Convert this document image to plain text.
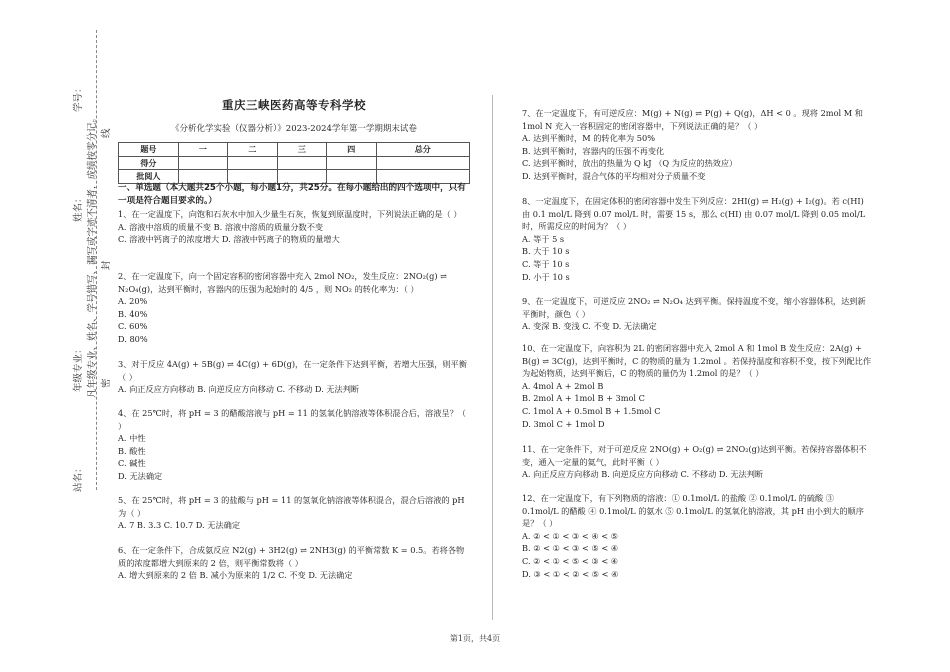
学号：
姓名：
年级专业：
站名：
凡年级专业、姓名、学号错写、漏写或字迹不清者，成绩按零分记。 线
封
密
重庆三峡医药高等专科学校
《分析化学实验（仪器分析）》2023-2024学年第一学期期末试卷
题号	一	二	三	四	总分
得分					
批阅人					
一、单选题（本大题共25个小题，每小题1分，共25分。在每小题给出的四个选项中，只有一项是符合题目要求的。）

1、在一定温度下，向饱和石灰水中加入少量生石灰，恢复到原温度时，下列说法正确的是（ ）

A. 溶液中溶质的质量不变 B. 溶液中溶质的质量分数不变

C. 溶液中钙离子的浓度增大 D. 溶液中钙离子的物质的量增大

2、在一定温度下，向一个固定容积的密闭容器中充入 2mol NO₂，发生反应：2NO₂(g) ⇌ N₂O₄(g)，达到平衡时，容器内的压强为起始时的 4/5 ，则 NO₂ 的转化率为：（ ）

A. 20%

B. 40%

C. 60%

D. 80%

3、对于反应 4A(g) + 5B(g) ⇌ 4C(g) + 6D(g)，在一定条件下达到平衡，若增大压强，则平衡（ ）

A. 向正反应方向移动 B. 向逆反应方向移动 C. 不移动 D. 无法判断

4、在 25℃时，将 pH = 3 的醋酸溶液与 pH = 11 的氢氧化钠溶液等体积混合后，溶液呈？（ ）

A. 中性

B. 酸性

C. 碱性

D. 无法确定

5、在 25℃时，将 pH = 3 的盐酸与 pH = 11 的氢氧化钠溶液等体积混合，混合后溶液的 pH 为（ ）

A. 7 B. 3.3 C. 10.7 D. 无法确定

6、在一定条件下，合成氨反应 N2(g) + 3H2(g) ⇌ 2NH3(g) 的平衡常数 K = 0.5。若将各物质的浓度都增大到原来的 2 倍，则平衡常数将（ ）

A. 增大到原来的 2 倍 B. 减小为原来的 1/2 C. 不变 D. 无法确定

7、在一定温度下，有可逆反应：M(g) + N(g) ⇌ P(g) + Q(g)，ΔH < 0 。现将 2mol M 和 1mol N 充入一容积固定的密闭容器中，下列说法正确的是？（ ）

A. 达到平衡时，M 的转化率为 50%

B. 达到平衡时，容器内的压强不再变化

C. 达到平衡时，放出的热量为 Q kJ （Q 为反应的热效应）

D. 达到平衡时，混合气体的平均相对分子质量不变

8、一定温度下，在固定体积的密闭容器中发生下列反应：2HI(g) ⇌ H₂(g) + I₂(g)。若 c(HI) 由 0.1 mol/L 降到 0.07 mol/L 时，需要 15 s，那么 c(HI) 由 0.07 mol/L 降到 0.05 mol/L 时，所需反应的时间为？（ ）

A. 等于 5 s

B. 大于 10 s

C. 等于 10 s

D. 小于 10 s

9、在一定温度下，可逆反应 2NO₂ ⇌ N₂O₄ 达到平衡。保持温度不变，缩小容器体积，达到新平衡时，颜色（ ）

A. 变深 B. 变浅 C. 不变 D. 无法确定

10、在一定温度下，向容积为 2L 的密闭容器中充入 2mol A 和 1mol B 发生反应：2A(g) + B(g) ⇌ 3C(g)，达到平衡时，C 的物质的量为 1.2mol 。若保持温度和容积不变，按下列配比作为起始物质，达到平衡后，C 的物质的量仍为 1.2mol 的是？（ ）

A. 4mol A + 2mol B

B. 2mol A + 1mol B + 3mol C

C. 1mol A + 0.5mol B + 1.5mol C

D. 3mol C + 1mol D

11、在一定条件下，对于可逆反应 2NO(g) + O₂(g) ⇌ 2NO₂(g)达到平衡。若保持容器体积不变，通入一定量的氦气，此时平衡（ ）

A. 向正反应方向移动 B. 向逆反应方向移动 C. 不移动 D. 无法判断

12、在一定温度下，有下列物质的溶液：① 0.1mol/L 的盐酸 ② 0.1mol/L 的硫酸 ③ 0.1mol/L 的醋酸 ④ 0.1mol/L 的氨水 ⑤ 0.1mol/L 的氢氧化钠溶液，其 pH 由小到大的顺序是？（ ）

A. ② < ① < ③ < ④ < ⑤

B. ② < ① < ③ < ⑤ < ④

C. ② < ① < ⑤ < ③ < ④

D. ③ < ① < ② < ⑤ < ④

第1页，共4页
